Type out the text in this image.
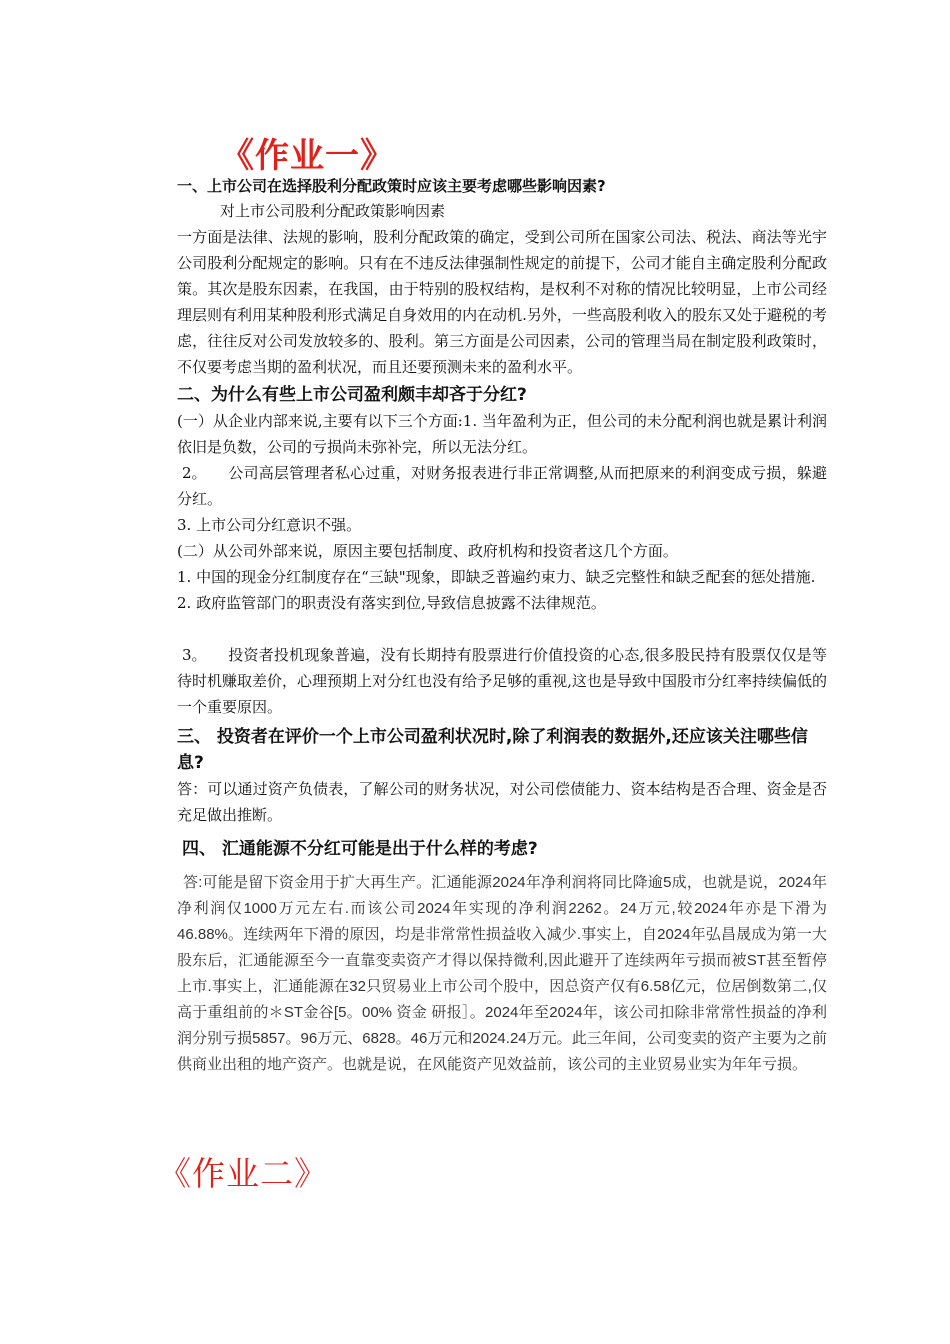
《作业一》
一、上市公司在选择股利分配政策时应该主要考虑哪些影响因素?

对上市公司股利分配政策影响因素

一方面是法律、法规的影响，股利分配政策的确定，受到公司所在国家公司法、税法、商法等光宇公司股利分配规定的影响。只有在不违反法律强制性规定的前提下，公司才能自主确定股利分配政策。其次是股东因素，在我国，由于特别的股权结构，是权利不对称的情况比较明显，上市公司经理层则有利用某种股利形式满足自身效用的内在动机.另外，一些高股利收入的股东又处于避税的考虑，往往反对公司发放较多的、股利。第三方面是公司因素，公司的管理当局在制定股利政策时，不仅要考虑当期的盈利状况，而且还要预测未来的盈利水平。

二、为什么有些上市公司盈利颇丰却吝于分红?

(一）从企业内部来说,主要有以下三个方面:1. 当年盈利为正，但公司的未分配利润也就是累计利润依旧是负数，公司的亏损尚未弥补完，所以无法分红。

2。 公司高层管理者私心过重，对财务报表进行非正常调整,从而把原来的利润变成亏损，躲避分红。

3. 上市公司分红意识不强。

(二）从公司外部来说，原因主要包括制度、政府机构和投资者这几个方面。

1. 中国的现金分红制度存在“三缺"现象，即缺乏普遍约束力、缺乏完整性和缺乏配套的惩处措施.

2. 政府监管部门的职责没有落实到位,导致信息披露不法律规范。

3。 投资者投机现象普遍，没有长期持有股票进行价值投资的心态,很多股民持有股票仅仅是等待时机赚取差价，心理预期上对分红也没有给予足够的重视,这也是导致中国股市分红率持续偏低的一个重要原因。

三、 投资者在评价一个上市公司盈利状况时,除了利润表的数据外,还应该关注哪些信息?

答：可以通过资产负债表，了解公司的财务状况，对公司偿债能力、资本结构是否合理、资金是否充足做出推断。

四、 汇通能源不分红可能是出于什么样的考虑?

答:可能是留下资金用于扩大再生产。汇通能源2024年净利润将同比降逾5成，也就是说，2024年净利润仅1000万元左右.而该公司2024年实现的净利润2262。24万元,较2024年亦是下滑为46.88%。连续两年下滑的原因，均是非常常性损益收入减少.事实上，自2024年弘昌晟成为第一大股东后，汇通能源至今一直靠变卖资产才得以保持微利,因此避开了连续两年亏损而被ST甚至暂停上市.事实上，汇通能源在32只贸易业上市公司个股中，因总资产仅有6.58亿元，位居倒数第二,仅高于重组前的＊ST金谷[5。00% 资金 研报］。2024年至2024年，该公司扣除非常常性损益的净利润分别亏损5857。96万元、6828。46万元和2024.24万元。此三年间，公司变卖的资产主要为之前供商业出租的地产资产。也就是说，在风能资产见效益前，该公司的主业贸易业实为年年亏损。

《作业二》
